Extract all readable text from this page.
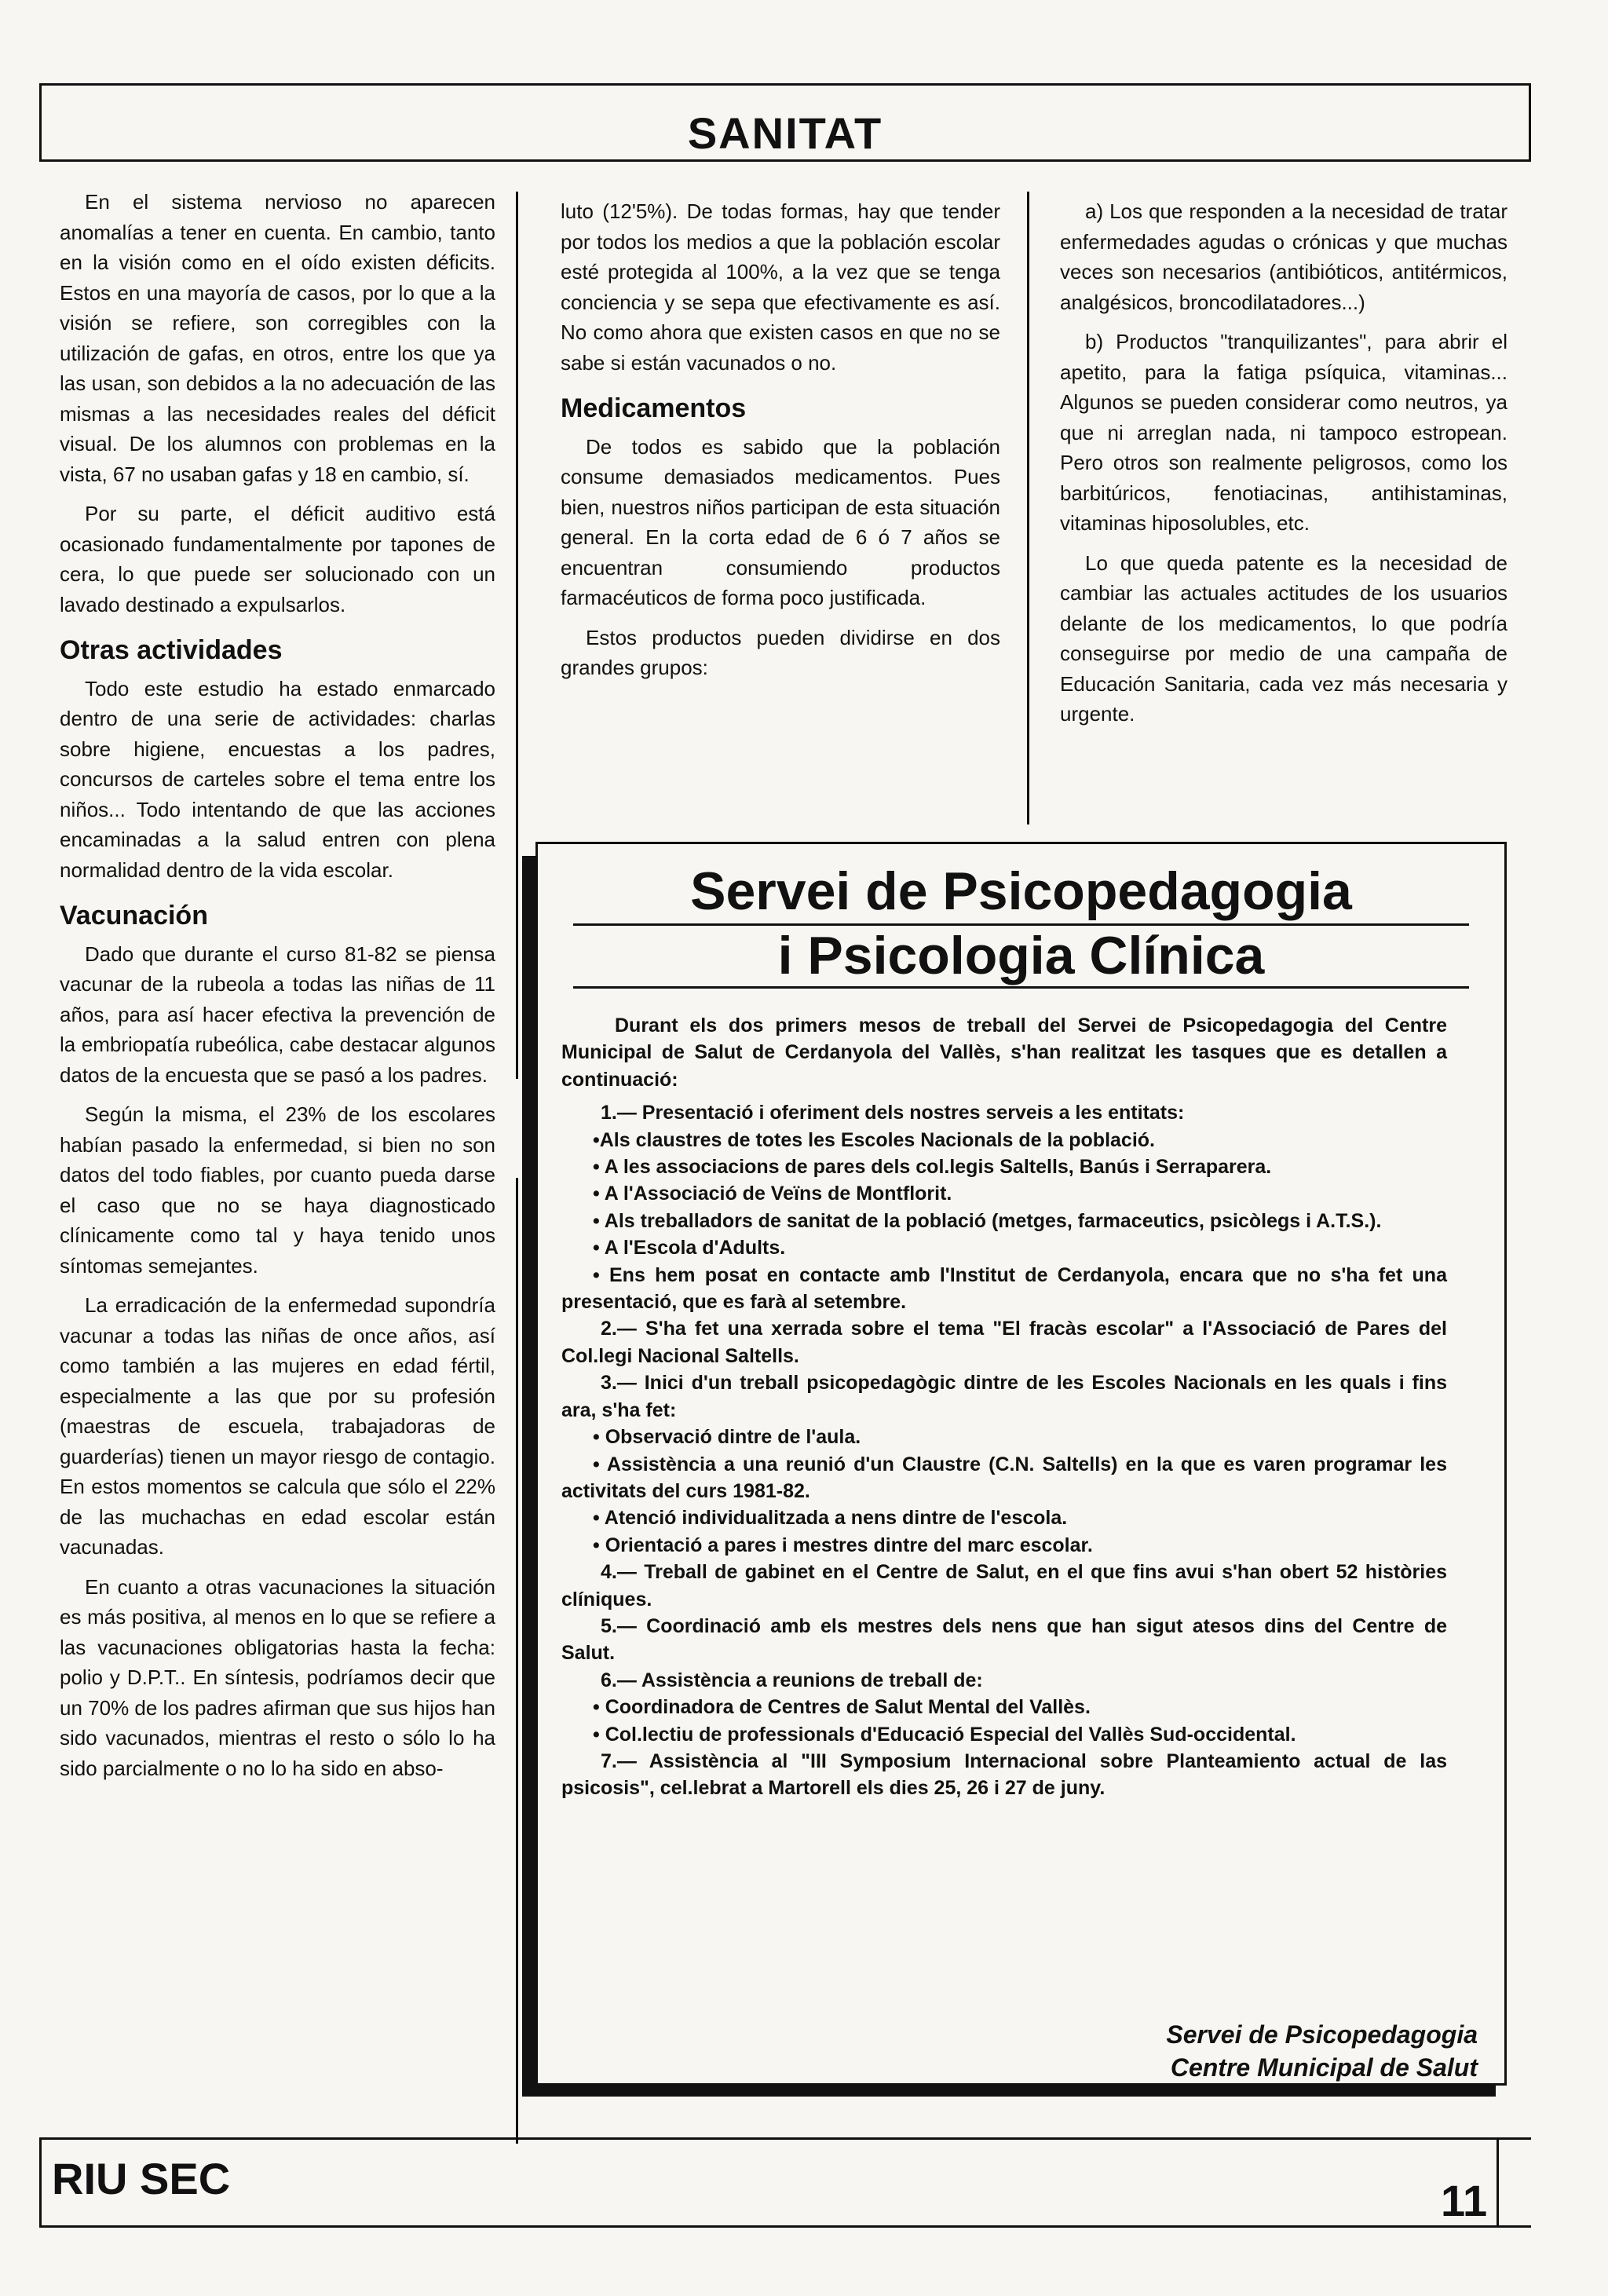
SANITAT

En el sistema nervioso no aparecen anomalías a tener en cuenta. En cambio, tanto en la visión como en el oído existen déficits. Estos en una mayoría de casos, por lo que a la visión se refiere, son corregibles con la utilización de gafas, en otros, entre los que ya las usan, son debidos a la no adecuación de las mismas a las necesidades reales del déficit visual. De los alumnos con problemas en la vista, 67 no usaban gafas y 18 en cambio, sí.

Por su parte, el déficit auditivo está ocasionado fundamentalmente por tapones de cera, lo que puede ser solucionado con un lavado destinado a expulsarlos.

Otras actividades

Todo este estudio ha estado enmarcado dentro de una serie de actividades: charlas sobre higiene, encuestas a los padres, concursos de carteles sobre el tema entre los niños... Todo intentando de que las acciones encaminadas a la salud entren con plena normalidad dentro de la vida escolar.

Vacunación

Dado que durante el curso 81-82 se piensa vacunar de la rubeola a todas las niñas de 11 años, para así hacer efectiva la prevención de la embriopatía rubeólica, cabe destacar algunos datos de la encuesta que se pasó a los padres.

Según la misma, el 23% de los escolares habían pasado la enfermedad, si bien no son datos del todo fiables, por cuanto pueda darse el caso que no se haya diagnosticado clínicamente como tal y haya tenido unos síntomas semejantes.

La erradicación de la enfermedad supondría vacunar a todas las niñas de once años, así como también a las mujeres en edad fértil, especialmente a las que por su profesión (maestras de escuela, trabajadoras de guarderías) tienen un mayor riesgo de contagio. En estos momentos se calcula que sólo el 22% de las muchachas en edad escolar están vacunadas.

En cuanto a otras vacunaciones la situación es más positiva, al menos en lo que se refiere a las vacunaciones obligatorias hasta la fecha: polio y D.P.T.. En síntesis, podríamos decir que un 70% de los padres afirman que sus hijos han sido vacunados, mientras el resto o sólo lo ha sido parcialmente o no lo ha sido en abso-

luto (12'5%). De todas formas, hay que tender por todos los medios a que la población escolar esté protegida al 100%, a la vez que se tenga conciencia y se sepa que efectivamente es así. No como ahora que existen casos en que no se sabe si están vacunados o no.

Medicamentos

De todos es sabido que la población consume demasiados medicamentos. Pues bien, nuestros niños participan de esta situación general. En la corta edad de 6 ó 7 años se encuentran consumiendo productos farmacéuticos de forma poco justificada.

Estos productos pueden dividirse en dos grandes grupos:

a) Los que responden a la necesidad de tratar enfermedades agudas o crónicas y que muchas veces son necesarios (antibióticos, antitérmicos, analgésicos, broncodilatadores...)

b) Productos "tranquilizantes", para abrir el apetito, para la fatiga psíquica, vitaminas... Algunos se pueden considerar como neutros, ya que ni arreglan nada, ni tampoco estropean. Pero otros son realmente peligrosos, como los barbitúricos, fenotiacinas, antihistaminas, vitaminas hiposolubles, etc.

Lo que queda patente es la necesidad de cambiar las actuales actitudes de los usuarios delante de los medicamentos, lo que podría conseguirse por medio de una campaña de Educación Sanitaria, cada vez más necesaria y urgente.

Servei de Psicopedagogia
i Psicologia Clínica

Durant els dos primers mesos de treball del Servei de Psicopedagogia del Centre Municipal de Salut de Cerdanyola del Vallès, s'han realitzat les tasques que es detallen a continuació:

1.— Presentació i oferiment dels nostres serveis a les entitats:

•Als claustres de totes les Escoles Nacionals de la població.

• A les associacions de pares dels col.legis Saltells, Banús i Serraparera.

• A l'Associació de Veïns de Montflorit.

• Als treballadors de sanitat de la població (metges, farmaceutics, psicòlegs i A.T.S.).

• A l'Escola d'Adults.

• Ens hem posat en contacte amb l'Institut de Cerdanyola, encara que no s'ha fet una presentació, que es farà al setembre.

2.— S'ha fet una xerrada sobre el tema "El fracàs escolar" a l'Associació de Pares del Col.legi Nacional Saltells.

3.— Inici d'un treball psicopedagògic dintre de les Escoles Nacionals en les quals i fins ara, s'ha fet:

• Observació dintre de l'aula.

• Assistència a una reunió d'un Claustre (C.N. Saltells) en la que es varen programar les activitats del curs 1981-82.

• Atenció individualitzada a nens dintre de l'escola.

• Orientació a pares i mestres dintre del marc escolar.

4.— Treball de gabinet en el Centre de Salut, en el que fins avui s'han obert 52 històries clíniques.

5.— Coordinació amb els mestres dels nens que han sigut atesos dins del Centre de Salut.

6.— Assistència a reunions de treball de:

• Coordinadora de Centres de Salut Mental del Vallès.

• Col.lectiu de professionals d'Educació Especial del Vallès Sud-occidental.

7.— Assistència al "III Symposium Internacional sobre Planteamiento actual de las psicosis", cel.lebrat a Martorell els dies 25, 26 i 27 de juny.

Servei de Psicopedagogia
Centre Municipal de Salut
RIU SEC	11
